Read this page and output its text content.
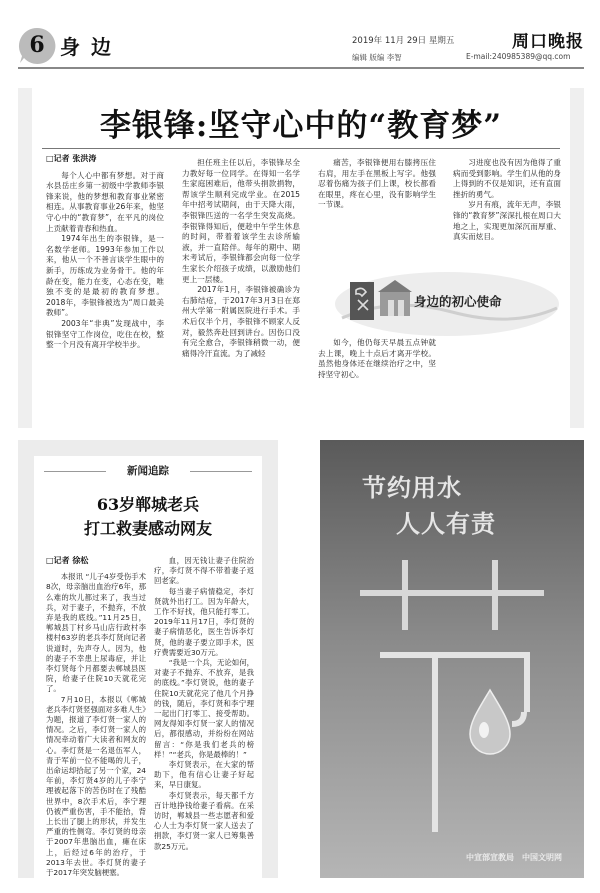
6 身 边	2019年 11月 29日 星期五	周口晚报
编辑 版编 李智	E-mail:240985389@qq.com
李银锋:坚守心中的“教育梦”

□记者 张洪涛

每个人心中都有梦想。对于商水县岳庄乡第一初级中学教师李银锋来说，他的梦想和教育事业紧密相连。从事教育事业26年来，他坚守心中的“教育梦”，在平凡的岗位上贡献着青春和热血。

1974年出生的李银锋，是一名数学老师。1993年参加工作以来，他从一个不善言谈学生眼中的新手，历练成为业务骨干。他的年龄在变，能力在变，心态在变，唯独不变的是最初的教育梦想。2018年，李银锋被选为“周口最美教师”。

2003年“非典”发现战中，李银锋坚守工作岗位，吃住在校，整整一个月没有离开学校半步。

担任班主任以后，李银锋尽全力教好每一位同学。在得知一名学生家庭困难后，他带头捐款捐物，帮该学生顺利完成学业。在2015年中招考试期间，由于天降大雨，李银锋匹送的一名学生突发高烧。李银锋得知后，便趁中午学生休息的时间，带着着该学生去诊所输液，并一直陪伴。每年的期中、期末考试后，李银锋都会向每一位学生家长介绍孩子成绩，以激励他们更上一层楼。

2017年1月，李银锋被确诊为右肺结疮，于2017年3月3日在郑州大学第一附属医院进行手术。手术后仅半个月，李银锋不顾家人反对，毅然奔赴回到讲台。因伤口没有完全愈合，李银锋稍微一动，便痛得冷汗直流。为了减轻

痛苦，李银锋便用右膝拷压住右肩，用左手在黑板上写字。他强忍着伤痛为孩子们上课，校长都看在眼里，疼在心里，没有影响学生一节课。

如今，他仍每天早晨五点钟就去上课，晚上十点后才离开学校。虽然他身体还在继续治疗之中，坚持坚守初心。

习进度也没有因为他得了重病而受到影响。学生们从他的身上得到的不仅是知识，还有直面挫折的勇气。

岁月有痕，流年无声，李银锋的“教育梦”深深扎根在周口大地之上，实现更加深沉而厚重、真实而炫目。

身边的初心使命
新闻追踪
63岁郸城老兵
打工救妻感动网友

□记者 徐松

本报讯 “儿子4岁受伤手术8次，母亲脑出血治疗6年，那么难的坎儿都过来了，我当过兵，对于妻子，不抛弃，不放弃是我的底线。”11月25日，郸城县丁村乡马山店行政村李楼村63岁的老兵李灯贤向记者说道时，先声夺人。因为，他的妻子不幸患上尿毒症，并让李灯贤每个月都要去郸城县医院，给妻子住院10天就花完了。

7月10日，本报以《郸城老兵李灯贤竖强面对多难人生》为题，报道了李灯贤一家人的情况。之后，李灯贤一家人的情况牵动着广大读者和网友的心。李灯贤是一名退伍军人，青于军前一位不能喝的儿子，出命运却拾起了另一个家，24年前，李灯贤4岁的儿子李宁理被起落下的苦伤时在了残酷世界中，8次手术后，李宁理仍被严重伤害，手不能抬，背上长出了腿上的形状，并发生严重的性侧弯。李灯贤的母亲于2007年患脑出血，瘫在床上，后经过6年的治疗，于2013年去世。李灯贤的妻子于2017年突发脑梗塞。

血，因无钱让妻子住院治疗，李灯贤不得不带着妻子返回老家。

每当妻子病情稳定，李灯贤就外出打工。因为年龄大，工作不好找，他只能打零工。2019年11月17日，李灯贤的妻子病情恶化，医生告诉李灯贤，他的妻子要立即手术，医疗费需要近30万元。

“我是一个兵，无论如何，对妻子不抛弃、不放弃，是我的底线。”李灯贤说，他的妻子住院10天就花完了他几个月挣的钱，随后，李灯贤和李宁理一起出门打零工、接受帮助。网友得知李灯贤一家人的情况后，都很感动，并纷纷在网站留言：“你是我们老兵的榜样！”“老兵，你是最棒的！”

李灯贤表示，在大家的帮助下，他有信心让妻子好起来，早日康复。

李灯贤表示，每天都千方百计地挣钱给妻子看病。在采访时，郸城县一些志愿者和爱心人士为李灯贤一家人送去了捐款，李灯贤一家人已筹集善款25万元。

节约用水
人人有责
中宣部宣教局 中国文明网
